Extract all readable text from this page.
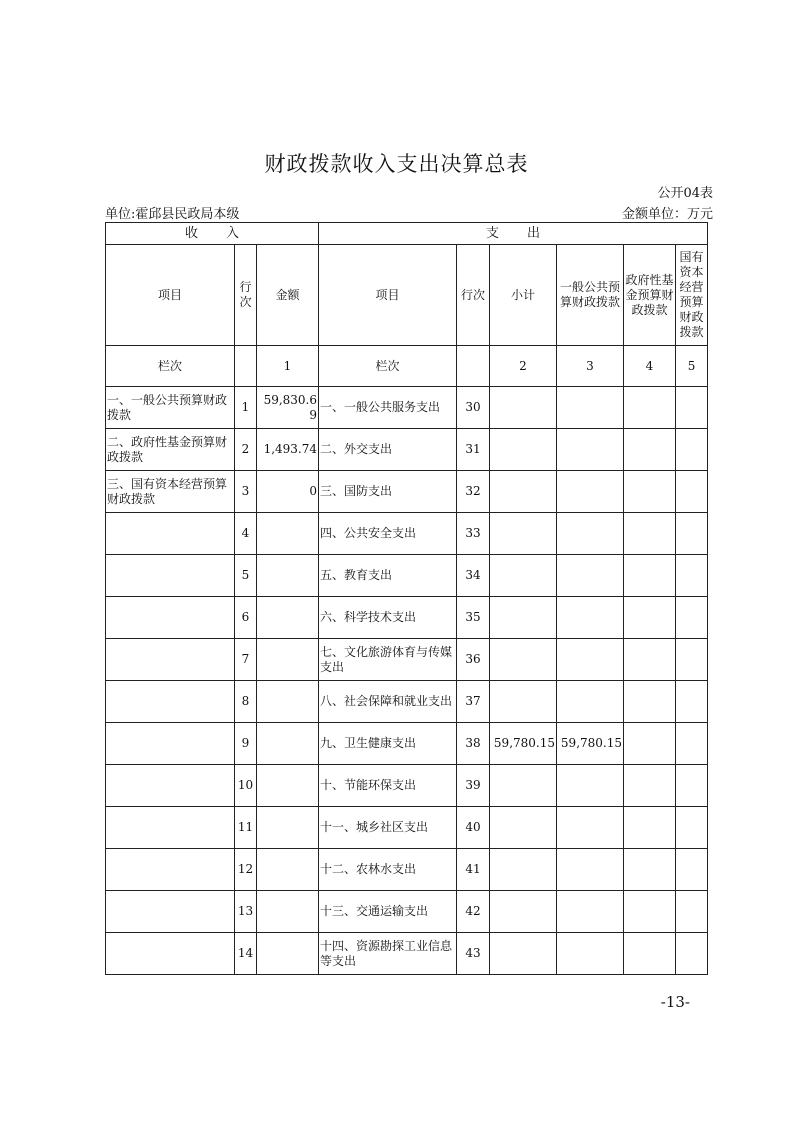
财政拨款收入支出决算总表
公开04表
单位:霍邱县民政局本级	金额单位：万元
收入			支出					
项目	行次	金额	项目	行次	小计	一般公共预算财政拨款	政府性基金预算财政拨款	国有资本经营预算财政拨款
栏次		1	栏次		2	3	4	5
一、一般公共预算财政拨款	1	59,830.69	一、一般公共服务支出	30				
二、政府性基金预算财政拨款	2	1,493.74	二、外交支出	31				
三、国有资本经营预算财政拨款	3	0	三、国防支出	32				
	4		四、公共安全支出	33				
	5		五、教育支出	34				
	6		六、科学技术支出	35				
	7		七、文化旅游体育与传媒支出	36				
	8		八、社会保障和就业支出	37				
	9		九、卫生健康支出	38	59,780.15	59,780.15		
	10		十、节能环保支出	39				
	11		十一、城乡社区支出	40				
	12		十二、农林水支出	41				
	13		十三、交通运输支出	42				
	14		十四、资源勘探工业信息等支出	43				
-13-
